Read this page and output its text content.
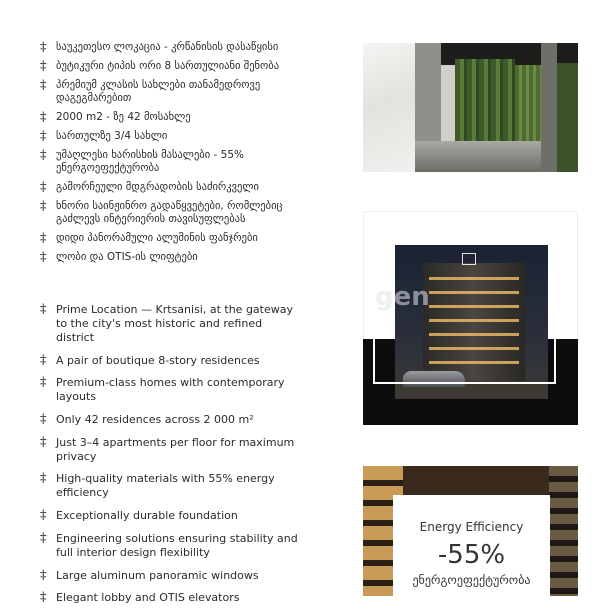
‡ საუკეთესო ლოკაცია - კრწანისის დასაწყისი
‡ ბუტიკური ტიპის ორი 8 სართულიანი შენობა
‡ პრემიუმ კლასის სახლები თანამედროვე დაგეგმარებით
‡ 2000 m2 - ზე 42 მოსახლე
‡ სართულზე 3/4 სახლი
‡ უმაღლესი ხარისხის მასალები - 55% ენერგოეფექტურობა
‡ გამორჩეული მდგრადობის საძირკველი
‡ ხნორი საინჟინრო გადაწყვეტები, რომლებიც გაძლევს ინტერიერის თავისუფლებას
‡ დიდი პანორამული ალუმინის ფანჯრები
‡ ლობი და OTIS-ის ლიფტები
‡ Prime Location — Krtsanisi, at the gateway to the city's most historic and refined district
‡ A pair of boutique 8-story residences
‡ Premium-class homes with contemporary layouts
‡ Only 42 residences across 2 000 m²
‡ Just 3–4 apartments per floor for maximum privacy
‡ High-quality materials with 55% energy efficiency
‡ Exceptionally durable foundation
‡ Engineering solutions ensuring stability and full interior design flexibility
‡ Large aluminum panoramic windows
‡ Elegant lobby and OTIS elevators
gen
Energy Efficiency
-55%
ენერგოეფექტურობა
